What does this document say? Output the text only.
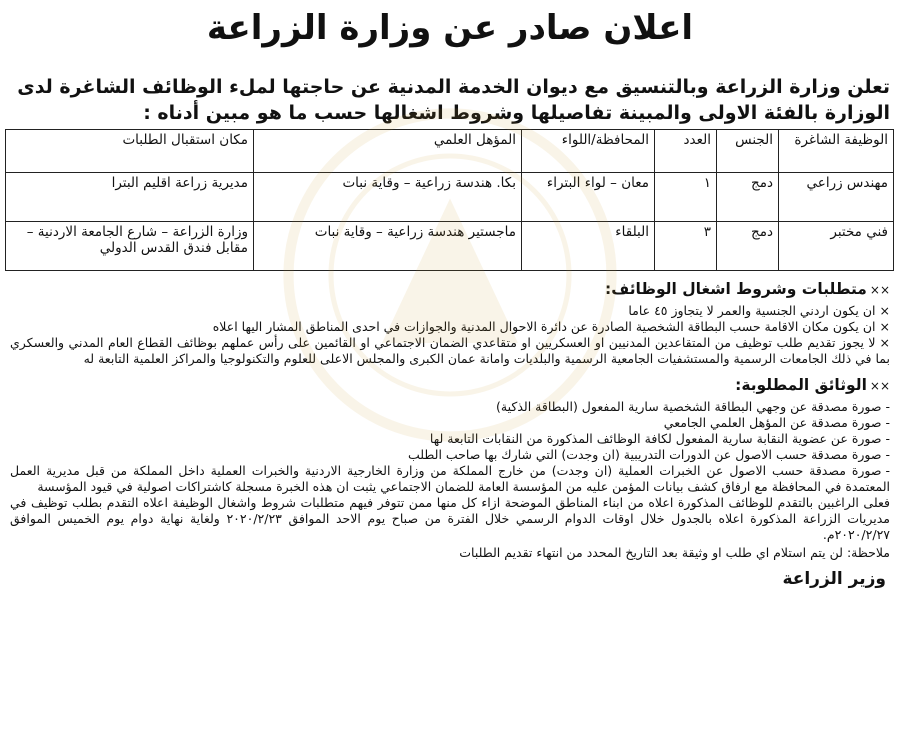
اعلان صادر عن وزارة الزراعة

تعلن وزارة الزراعة وبالتنسيق مع ديوان الخدمة المدنية عن حاجتها لملء الوظائف الشاغرة لدى الوزارة بالفئة الاولى والمبينة تفاصيلها وشروط اشغالها حسب ما هو مبين أدناه :

الوظيفة الشاغرة	الجنس	العدد	المحافظة/اللواء	المؤهل العلمي	مكان استقبال الطلبات
مهندس زراعي	دمج	١	معان – لواء البتراء	بكا. هندسة زراعية – وقاية نبات	مديرية زراعة اقليم البترا
فني مختبر	دمج	٣	البلقاء	ماجستير هندسة زراعية – وقاية نبات	وزارة الزراعة – شارع الجامعة الاردنية – مقابل فندق القدس الدولي
××متطلبات وشروط اشغال الوظائف:
×ان يكون اردني الجنسية والعمر لا يتجاوز ٤٥ عاما
×ان يكون مكان الاقامة حسب البطاقة الشخصية الصادرة عن دائرة الاحوال المدنية والجوازات في احدى المناطق المشار اليها اعلاه
×لا يجوز تقديم طلب توظيف من المتقاعدين المدنيين او العسكريين او متقاعدي الضمان الاجتماعي او القائمين على رأس عملهم بوظائف القطاع العام المدني والعسكري بما في ذلك الجامعات الرسمية والمستشفيات الجامعية الرسمية والبلديات وامانة عمان الكبرى والمجلس الاعلى للعلوم والتكنولوجيا والمراكز العلمية التابعة له
××الوثائق المطلوبة:
-صورة مصدقة عن وجهي البطاقة الشخصية سارية المفعول (البطاقة الذكية)
-صورة مصدقة عن المؤهل العلمي الجامعي
-صورة عن عضوية النقابة سارية المفعول لكافة الوظائف المذكورة من النقابات التابعة لها
-صورة مصدقة حسب الاصول عن الدورات التدريبية (ان وجدت) التي شارك بها صاحب الطلب
-صورة مصدقة حسب الاصول عن الخبرات العملية (ان وجدت) من خارج المملكة من وزارة الخارجية الاردنية والخبرات العملية داخل المملكة من قبل مديرية العمل المعتمدة في المحافظة مع ارفاق كشف بيانات المؤمن عليه من المؤسسة العامة للضمان الاجتماعي يثبت ان هذه الخبرة مسجلة كاشتراكات اصولية في قيود المؤسسة

فعلى الراغبين بالتقدم للوظائف المذكورة اعلاه من ابناء المناطق الموضحة ازاء كل منها ممن تتوفر فيهم متطلبات شروط واشغال الوظيفة اعلاه التقدم بطلب توظيف في مديريات الزراعة المذكورة اعلاه بالجدول خلال اوقات الدوام الرسمي خلال الفترة من صباح يوم الاحد الموافق ٢٠٢٠/٢/٢٣ ولغاية نهاية دوام يوم الخميس الموافق ٢٠٢٠/٢/٢٧م.

ملاحظة: لن يتم استلام اي طلب او وثيقة بعد التاريخ المحدد من انتهاء تقديم الطلبات
وزير الزراعة
